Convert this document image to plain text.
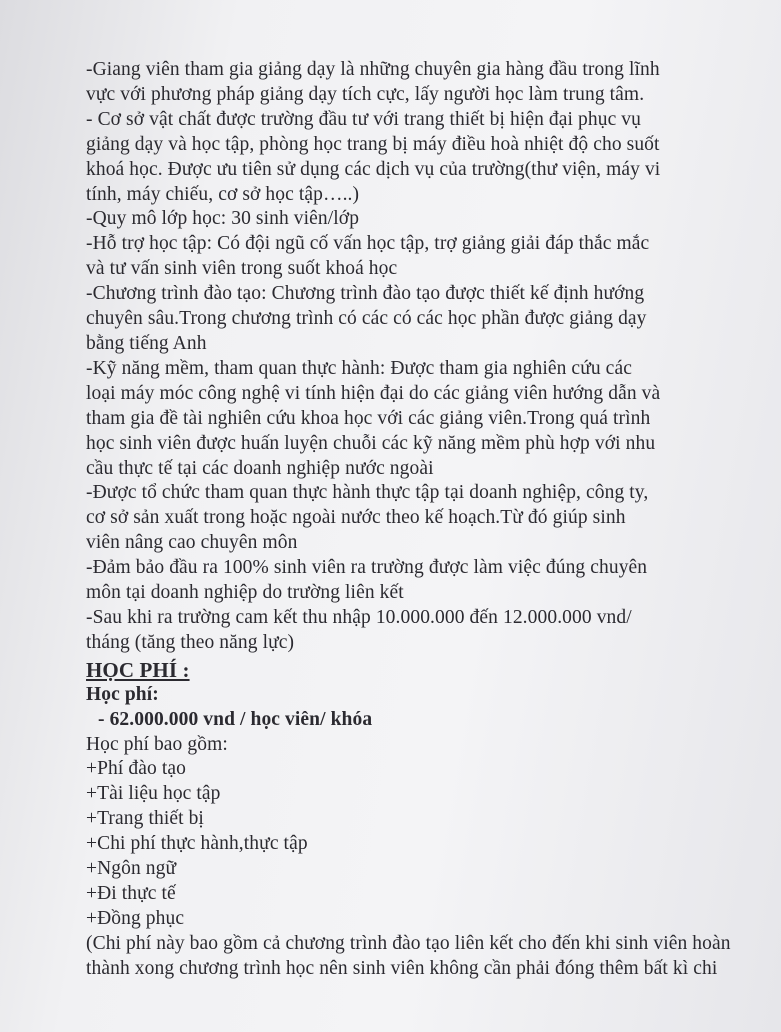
-Giang viên tham gia giảng dạy là những chuyên gia hàng đầu trong lĩnh
vực với phương pháp giảng dạy tích cực, lấy người học làm trung tâm.
- Cơ sở vật chất được trường đầu tư với trang thiết bị hiện đại phục vụ
giảng dạy và học tập, phòng học trang bị máy điều hoà nhiệt độ cho suốt
khoá học. Được ưu tiên sử dụng các dịch vụ của trường(thư viện, máy vi
tính, máy chiếu, cơ sở học tập…..)
-Quy mô lớp học: 30 sinh viên/lớp
-Hỗ trợ học tập: Có đội ngũ cố vấn học tập, trợ giảng giải đáp thắc mắc
và tư vấn sinh viên trong suốt khoá học
-Chương trình đào tạo: Chương trình đào tạo được thiết kế định hướng
chuyên sâu.Trong chương trình có các có các học phần được giảng dạy
bằng tiếng Anh
-Kỹ năng mềm, tham quan thực hành: Được tham gia nghiên cứu các
loại máy móc công nghệ vi tính hiện đại do các giảng viên hướng dẫn và
tham gia đề tài nghiên cứu khoa học với các giảng viên.Trong quá trình
học sinh viên được huấn luyện chuỗi các kỹ năng mềm phù hợp với nhu
cầu thực tế tại các doanh nghiệp nước ngoài
-Được tổ chức tham quan thực hành thực tập tại doanh nghiệp, công ty,
cơ sở sản xuất trong hoặc ngoài nước theo kế hoạch.Từ đó giúp sinh
viên nâng cao chuyên môn
-Đảm bảo đầu ra 100% sinh viên ra trường được làm việc đúng chuyên
môn tại doanh nghiệp do trường liên kết
-Sau khi ra trường cam kết thu nhập 10.000.000 đến 12.000.000 vnd/
tháng (tăng theo năng lực)
HỌC PHÍ :
Học phí:
- 62.000.000 vnd / học viên/ khóa
Học phí bao gồm:
+Phí đào tạo
+Tài liệu học tập
+Trang thiết bị
+Chi phí thực hành,thực tập
+Ngôn ngữ
+Đi thực tế
+Đồng phục
(Chi phí này bao gồm cả chương trình đào tạo liên kết cho đến khi sinh viên hoàn
thành xong chương trình học nên sinh viên không cần phải đóng thêm bất kì chi
